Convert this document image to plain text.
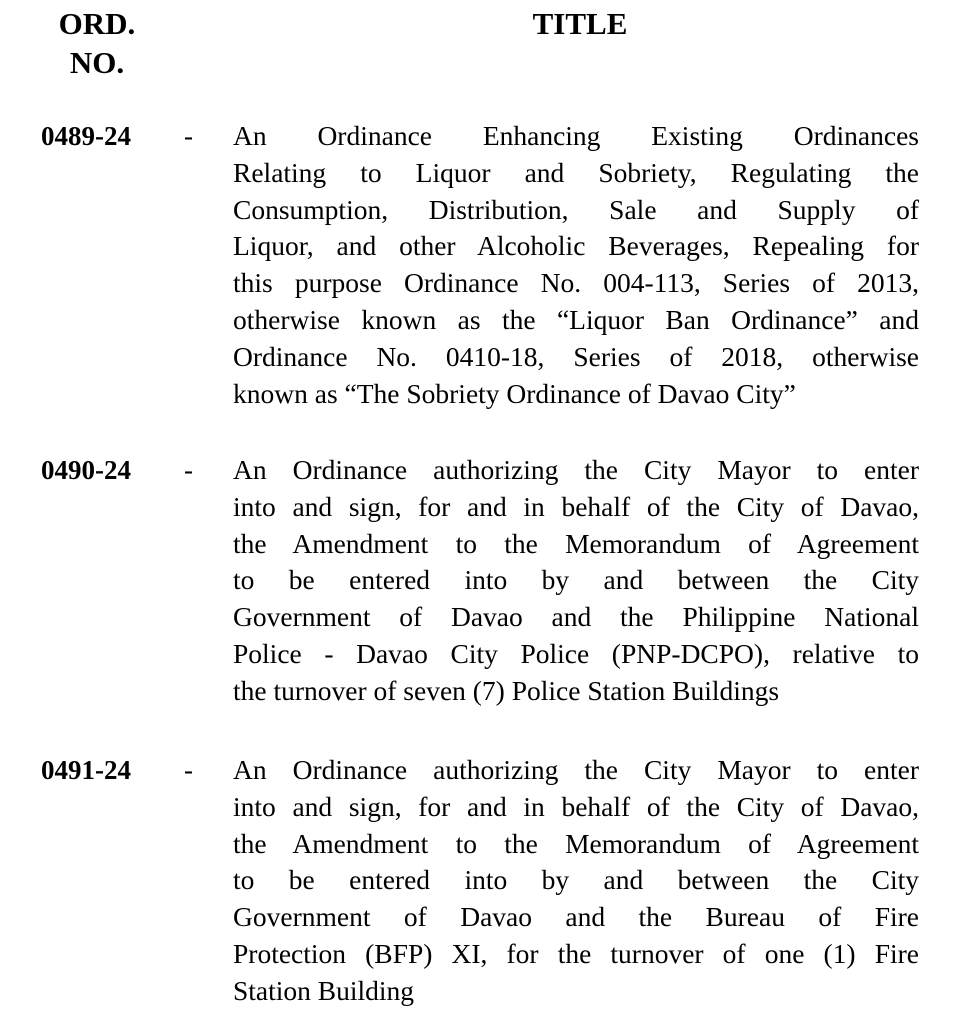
ORD.
NO.
TITLE
0489-24 - An Ordinance Enhancing Existing Ordinances
Relating to Liquor and Sobriety, Regulating the
Consumption, Distribution, Sale and Supply of
Liquor, and other Alcoholic Beverages, Repealing for
this purpose Ordinance No. 004-113, Series of 2013,
otherwise known as the “Liquor Ban Ordinance” and
Ordinance No. 0410-18, Series of 2018, otherwise
known as “The Sobriety Ordinance of Davao City”
0490-24 - An Ordinance authorizing the City Mayor to enter
into and sign, for and in behalf of the City of Davao,
the Amendment to the Memorandum of Agreement
to be entered into by and between the City
Government of Davao and the Philippine National
Police - Davao City Police (PNP-DCPO), relative to
the turnover of seven (7) Police Station Buildings
0491-24 - An Ordinance authorizing the City Mayor to enter
into and sign, for and in behalf of the City of Davao,
the Amendment to the Memorandum of Agreement
to be entered into by and between the City
Government of Davao and the Bureau of Fire
Protection (BFP) XI, for the turnover of one (1) Fire
Station Building
